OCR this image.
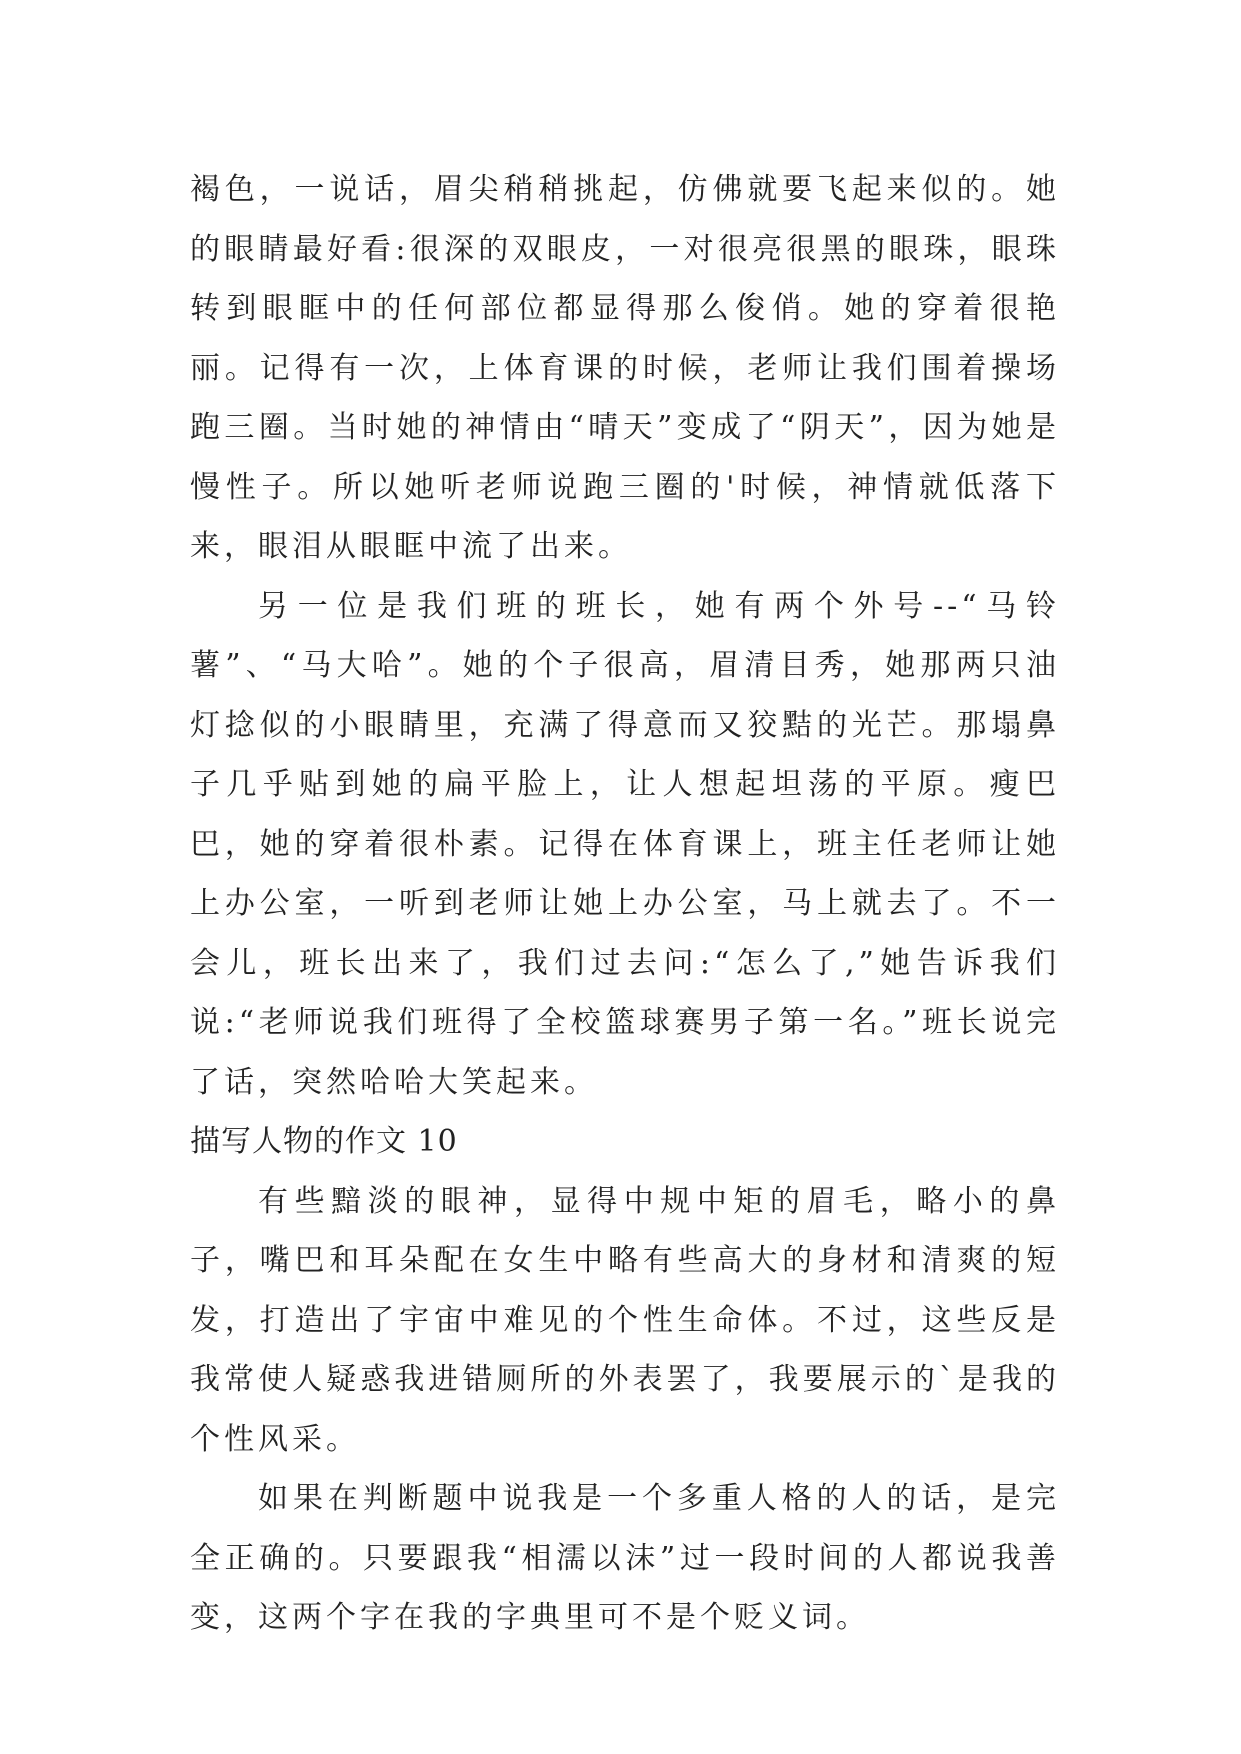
褐色，一说话，眉尖稍稍挑起，仿佛就要飞起来似的。她的眼睛最好看:很深的双眼皮，一对很亮很黑的眼珠，眼珠转到眼眶中的任何部位都显得那么俊俏。她的穿着很艳丽。记得有一次，上体育课的时候，老师让我们围着操场跑三圈。当时她的神情由“晴天”变成了“阴天”，因为她是慢性子。所以她听老师说跑三圈的'时候，神情就低落下来，眼泪从眼眶中流了出来。

另一位是我们班的班长，她有两个外号--“马铃薯”、“马大哈”。她的个子很高，眉清目秀，她那两只油灯捻似的小眼睛里，充满了得意而又狡黠的光芒。那塌鼻子几乎贴到她的扁平脸上，让人想起坦荡的平原。瘦巴巴，她的穿着很朴素。记得在体育课上，班主任老师让她上办公室，一听到老师让她上办公室，马上就去了。不一会儿，班长出来了，我们过去问:“怎么了,”她告诉我们说:“老师说我们班得了全校篮球赛男子第一名。”班长说完了话，突然哈哈大笑起来。

描写人物的作文 10

有些黯淡的眼神，显得中规中矩的眉毛，略小的鼻子，嘴巴和耳朵配在女生中略有些高大的身材和清爽的短发，打造出了宇宙中难见的个性生命体。不过，这些反是我常使人疑惑我进错厕所的外表罢了，我要展示的`是我的个性风采。

如果在判断题中说我是一个多重人格的人的话，是完全正确的。只要跟我“相濡以沫”过一段时间的人都说我善变，这两个字在我的字典里可不是个贬义词。
